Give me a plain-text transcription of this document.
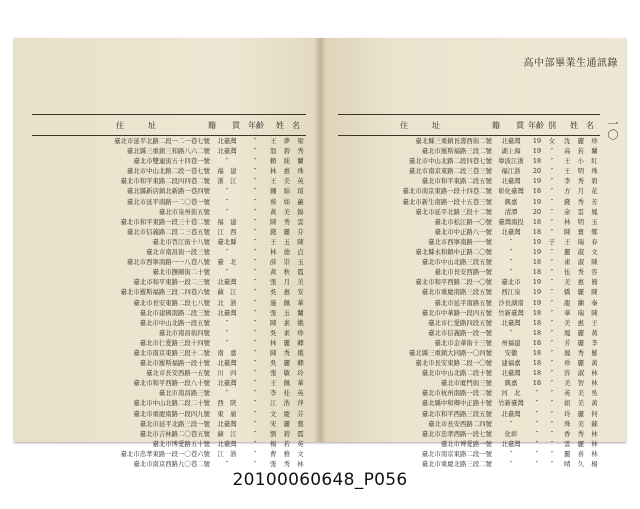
住　　　址	籍　　貫 年齡 姓　名
臺北市延平北路二段一二一巷七號	北臺灣	″	王　夢　梁
臺北縣三重鎮三和路八六二號	北臺灣	″	翁　碧　秀
臺北市雙連街五十四巷一號	″	″	賴　純　蘭
臺北市中山北路二段一巷七號	福　建	″	林　惠　珠
臺北市和平東路二段四四巷二號	浙　江	″	王　美　英
臺北縣新店鎮北新路一巷四號	″	″	鍾　綿　瑄
臺北市延平南路一二〇巷一號	″	″	蔡　如　蕙
臺北市泉州街五號	″	″	黃　美　錦
臺北市和平東路一段三十巷二號	福　建	″	陳　秀　雲
臺北市信義路二段二三巷五號	江　西	″	錢　麗　芬
臺北市晉江街十八號	臺北縣	″	王　玉　陳
臺北市南昌街一段三號	″	″	林　德　貞
臺北市西寧南路一一八巷八號	臺　北	″	薛　崇　玉
臺北市撫順街二十號	″	″	黃　秋　霞
臺北市和平東路一段二三號	北臺灣	″	張　月　美
臺北市羅斯福路三段二四巷六號	蘇　江	″	吳　惠　安
臺北市長安東路二段七八號	北　浙	″	施　佩　華
臺北市建國南路二段三號	北臺灣	″	張　玉　蘭
臺北市中山北路一段五號	″	″	陳　素　娥
臺北市南昌街四號	″	″	吳　素　珍
臺北市仁愛路三段十四號	″	″	林　麗　卿
臺北市南京東路三段十二號	南　嘉	″	陳　秀　娥
臺北市羅斯福路一段十號	北臺灣	″	吳　麗　卿
臺北市長安西路一五號	川　四	″	張　敏　玲
臺北市和平西路一段八十號	北臺灣	″	王　佩　華
臺北市南昌路三號	″	″	李　桂　英
臺北市中山北路二段二十號	西　陝	″	江　浩　萍
臺北市重慶南路一段四九號	東　廣	″	文　慶　芬
臺北市延平北路三段一號	北臺灣	″	宋　麗　鶯
臺北市吉林路二〇巷五號	蘇　江	″	劉　碧　霞
臺北市博愛路五十號	北臺灣	″	楊　若　英
臺北市忠孝東路一段一〇巷六號	江　浙	″	曹　雅　文
臺北市南京西路九〇巷二號	″	″	張　秀　林
高中部畢業生通訊錄
一〇
住　　　址	籍　　貫 年齡 別 姓　名
臺北縣三重鎮長壽西街二號	北臺灣	19	女	沈　麗　珍
臺北市羅斯福路三段二號	湖上海	19	″	高　若　蘭
臺北市中山北路二段四巷七號 寧波江浙	18	″	王　小　紅
臺北市南京東路二段三巷三號	福江浙	20	″	王　明　珠
臺北市和平東路二段五號	北臺灣	19	″	李　秀　碧
臺北市南京東路一段十四巷二號 彰化臺灣	18	″	方　月　花
臺北市新生南路一段十五巷三號	興嘉	19	″	錢　秀　芳
臺北市延平北路三段十二號	清潭	20	″	余　雲　鳳
臺北市松江路一〇號 臺灣南投	18	″	林　明　玉
臺北市中正路八一號	北臺灣	18	″	陳　寶　鄭
臺北市西寧南路一一號	″	19	子	王　瑞　春
臺北縣永和鎮中正路二〇號	″	19	″	麗　淑　文
臺北市中山北路三段五號	″	18	″	雀　淑　陳
臺北市長安西路一號	″	18	″	伍　秀　容
臺北市和平西路二段一〇號	臺北市	19	″	美　惠　簡
臺北市重慶南路三段五號	西江泉	19	″	嬌　麗　陳
臺北市延平南路五號 沙長湖南	19	″	龍　蘭　秦
臺北市中華路一段四五號 竹新臺灣	18	″	華　瑞　陳
臺北市仁愛路四段五號	北臺灣	18	″	美　惠　王
臺北市信義路一段一號	″	18	″	鳳　麗　黃
臺北市金華街十三號	州福建	18	″	芳　麗　李
臺北縣三重鎮大同路一〇四號	安徽	18	″	鳳　秀　羅
臺北市長安東路二段一〇號	建福嘉	18	″	珍　麗　黃
臺北市中山北路二段十號	北臺灣	18	″	容　淑　林
臺北市廈門街三號	興嘉	18	″	美　智　林
臺北市杭州南路一段二號	河　北	″	″	英　美　吳
臺北縣中和鄉中正路十號 竹新臺灣	″	″	娟　美　黃
臺北市和平西路三段五號	北臺灣	″	″	玲　麗　何
臺北市長安西路二四號	″	″	″	珠　美　蘇
臺北市忠孝西路一段七號	化彰	″	″	香　秀　林
臺北市博愛路一號	北臺灣	″	″	雲　麗　林
臺北市南京東路二段一號	″	″	″	麗　喜　林
臺北市重慶北路三段二號	″	″	″	晴　久　楊
20100060648_P056
